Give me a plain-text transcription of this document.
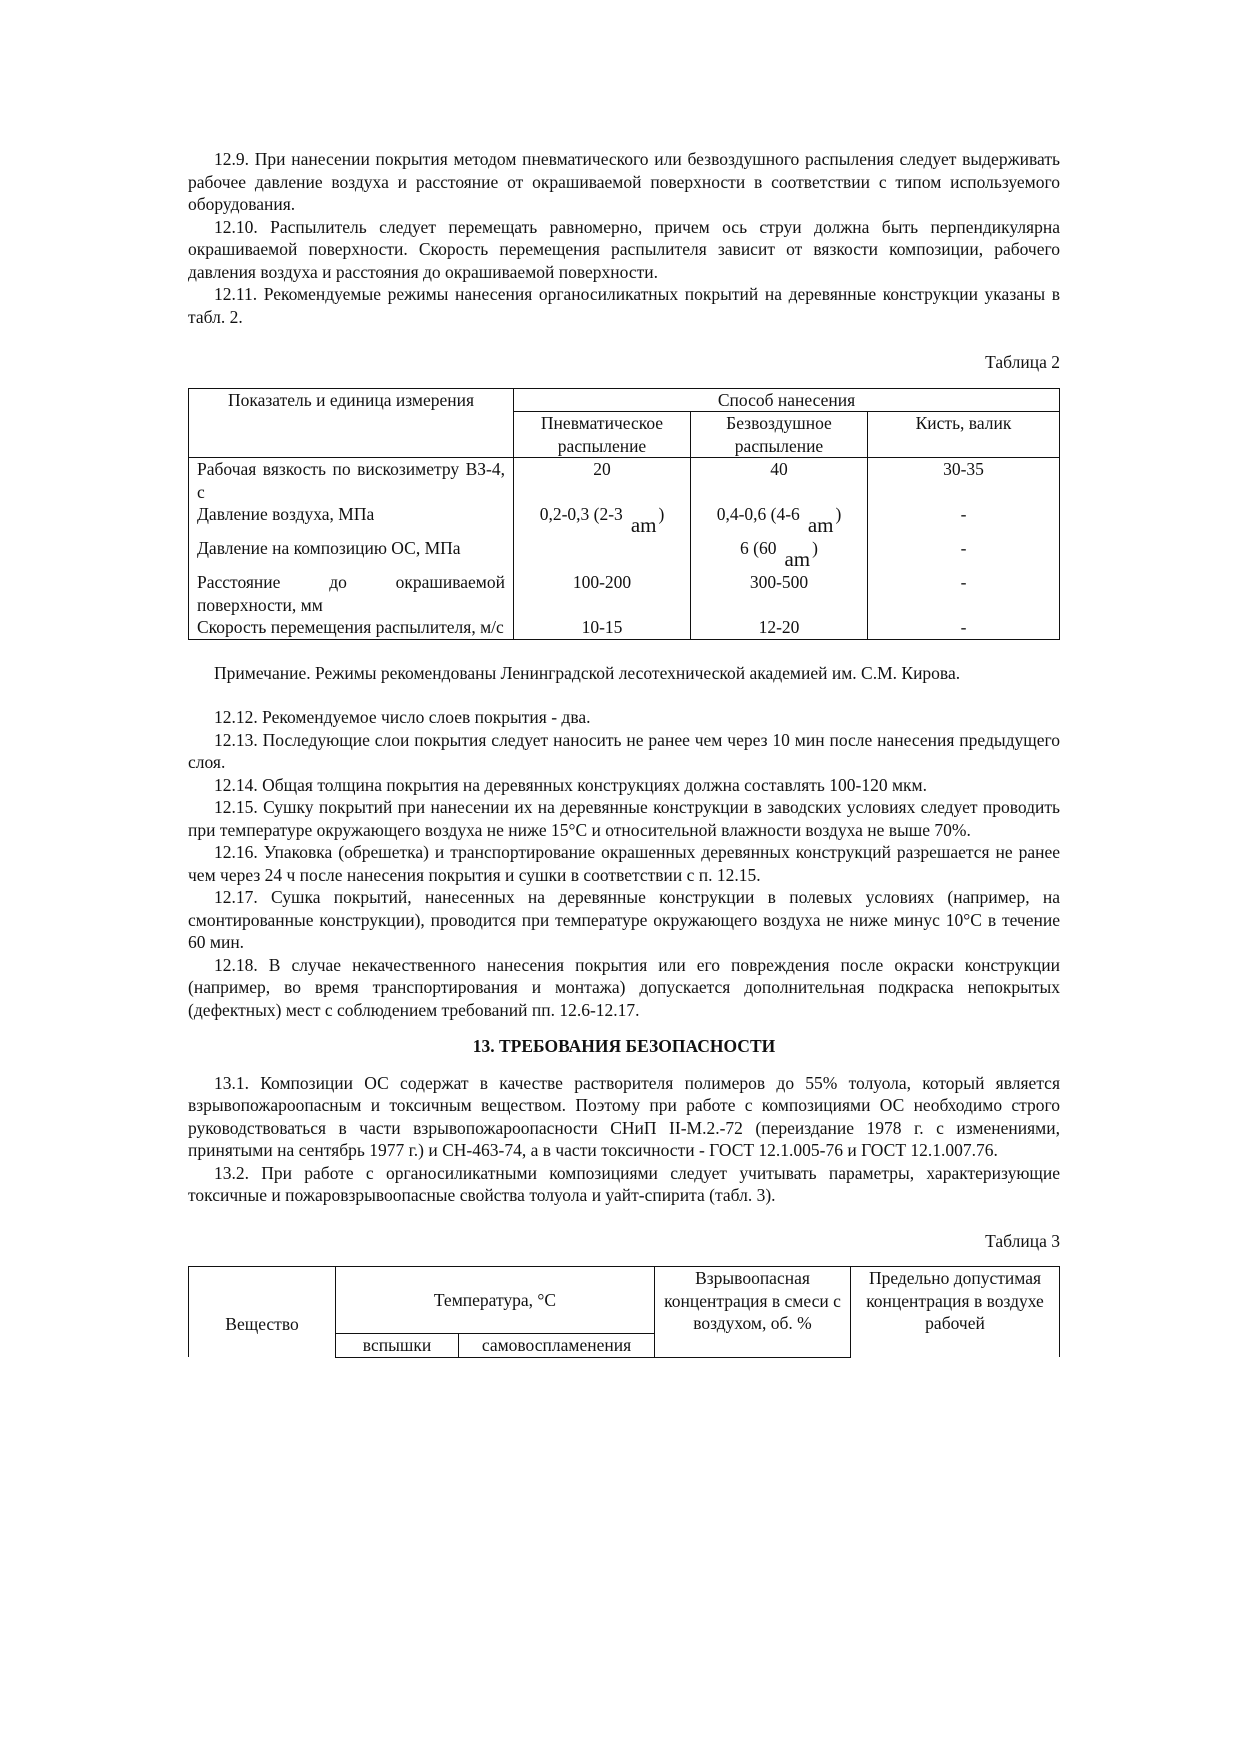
12.9. При нанесении покрытия методом пневматического или безвоздушного распыления следует выдерживать рабочее давление воздуха и расстояние от окрашиваемой поверхности в соответствии с типом используемого оборудования.

12.10. Распылитель следует перемещать равномерно, причем ось струи должна быть перпендикулярна окрашиваемой поверхности. Скорость перемещения распылителя зависит от вязкости композиции, рабочего давления воздуха и расстояния до окрашиваемой поверхности.

12.11. Рекомендуемые режимы нанесения органосиликатных покрытий на деревянные конструкции указаны в табл. 2.

Таблица 2

Показатель и единица измерения	Способ нанесения		
	Пневматическое распыление	Безвоздушное распыление	Кисть, валик
Рабочая вязкость по вискозиметру ВЗ-4, с	20	40	30-35
Давление воздуха, МПа	0,2-0,3 (2-3 am )	0,4-0,6 (4-6 am )	-
Давление на композицию ОС, МПа		6 (60 am )	-
Расстояние до окрашиваемой поверхности, мм	100-200	300-500	-
Скорость перемещения распылителя, м/с	10-15	12-20	-

Примечание. Режимы рекомендованы Ленинградской лесотехнической академией им. С.М. Кирова.

12.12. Рекомендуемое число слоев покрытия - два.

12.13. Последующие слои покрытия следует наносить не ранее чем через 10 мин после нанесения предыдущего слоя.

12.14. Общая толщина покрытия на деревянных конструкциях должна составлять 100-120 мкм.

12.15. Сушку покрытий при нанесении их на деревянные конструкции в заводских условиях следует проводить при температуре окружающего воздуха не ниже 15°С и относительной влажности воздуха не выше 70%.

12.16. Упаковка (обрешетка) и транспортирование окрашенных деревянных конструкций разрешается не ранее чем через 24 ч после нанесения покрытия и сушки в соответствии с п. 12.15.

12.17. Сушка покрытий, нанесенных на деревянные конструкции в полевых условиях (например, на смонтированные конструкции), проводится при температуре окружающего воздуха не ниже минус 10°С в течение 60 мин.

12.18. В случае некачественного нанесения покрытия или его повреждения после окраски конструкции (например, во время транспортирования и монтажа) допускается дополнительная подкраска непокрытых (дефектных) мест с соблюдением требований пп. 12.6-12.17.

13. ТРЕБОВАНИЯ БЕЗОПАСНОСТИ

13.1. Композиции ОС содержат в качестве растворителя полимеров до 55% толуола, который является взрывопожароопасным и токсичным веществом. Поэтому при работе с композициями ОС необходимо строго руководствоваться в части взрывопожароопасности СНиП II-М.2.-72 (переиздание 1978 г. с изменениями, принятыми на сентябрь 1977 г.) и СН-463-74, а в части токсичности - ГОСТ 12.1.005-76 и ГОСТ 12.1.007.76.

13.2. При работе с органосиликатными композициями следует учитывать параметры, характеризующие токсичные и пожаровзрывоопасные свойства толуола и уайт-спирита (табл. 3).

Таблица 3

Вещество	Температура, °С		Взрывоопасная концентрация в смеси с воздухом, об. %	Предельно допустимая концентрация в воздухе рабочей
	вспышки	самовоспламенения		
